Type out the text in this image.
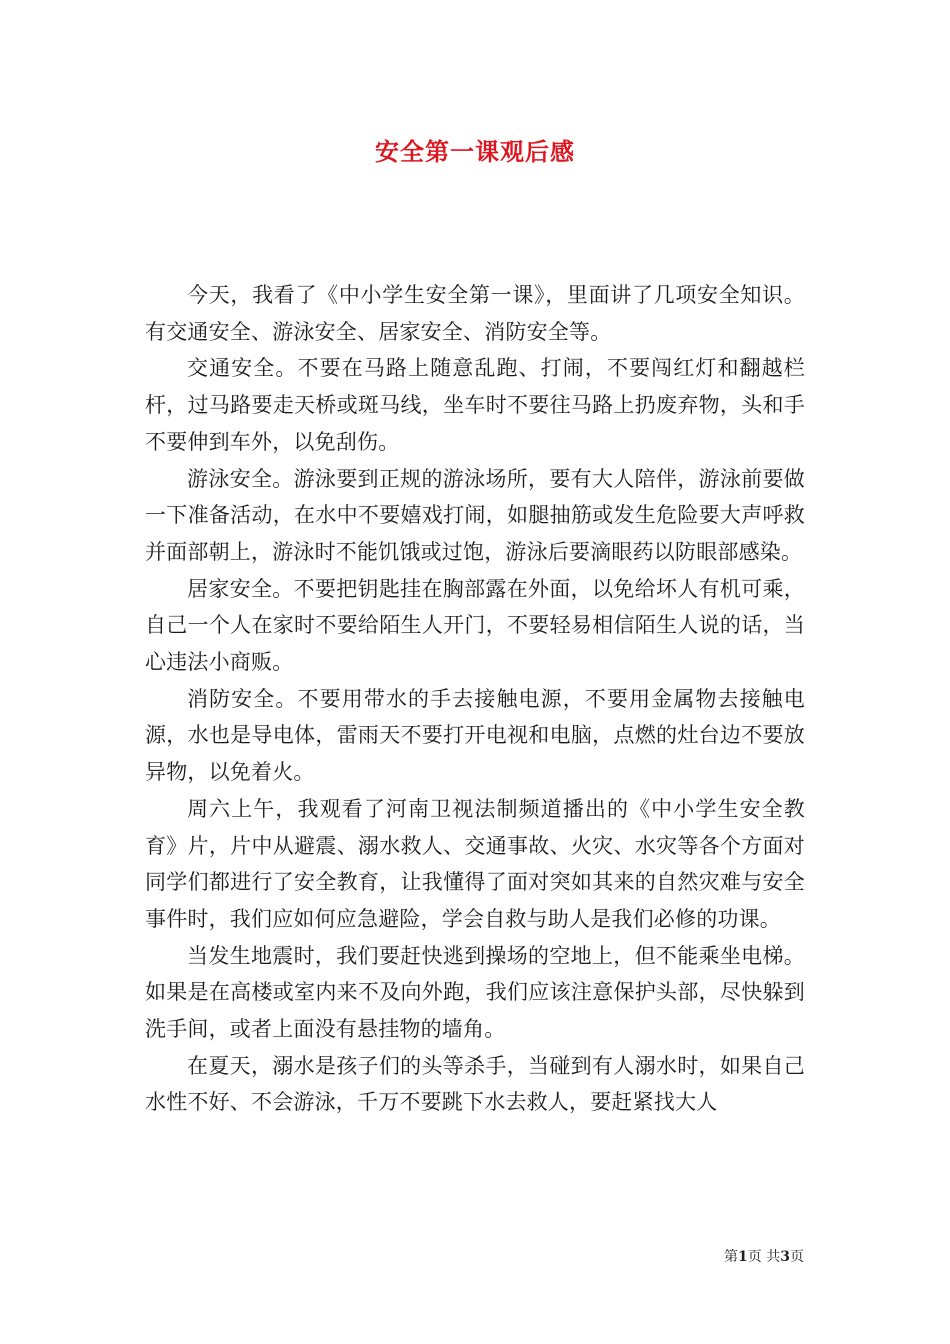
安全第一课观后感

今天，我看了《中小学生安全第一课》，里面讲了几项安全知识。有交通安全、游泳安全、居家安全、消防安全等。

交通安全。不要在马路上随意乱跑、打闹，不要闯红灯和翻越栏杆，过马路要走天桥或斑马线，坐车时不要往马路上扔废弃物，头和手不要伸到车外，以免刮伤。

游泳安全。游泳要到正规的游泳场所，要有大人陪伴，游泳前要做一下准备活动，在水中不要嬉戏打闹，如腿抽筋或发生危险要大声呼救并面部朝上，游泳时不能饥饿或过饱，游泳后要滴眼药以防眼部感染。

居家安全。不要把钥匙挂在胸部露在外面，以免给坏人有机可乘，自己一个人在家时不要给陌生人开门，不要轻易相信陌生人说的话，当心违法小商贩。

消防安全。不要用带水的手去接触电源，不要用金属物去接触电源，水也是导电体，雷雨天不要打开电视和电脑，点燃的灶台边不要放异物，以免着火。

周六上午，我观看了河南卫视法制频道播出的《中小学生安全教育》片，片中从避震、溺水救人、交通事故、火灾、水灾等各个方面对同学们都进行了安全教育，让我懂得了面对突如其来的自然灾难与安全事件时，我们应如何应急避险，学会自救与助人是我们必修的功课。

当发生地震时，我们要赶快逃到操场的空地上，但不能乘坐电梯。如果是在高楼或室内来不及向外跑，我们应该注意保护头部，尽快躲到洗手间，或者上面没有悬挂物的墙角。

在夏天，溺水是孩子们的头等杀手，当碰到有人溺水时，如果自己水性不好、不会游泳，千万不要跳下水去救人，要赶紧找大人

第1页 共3页
